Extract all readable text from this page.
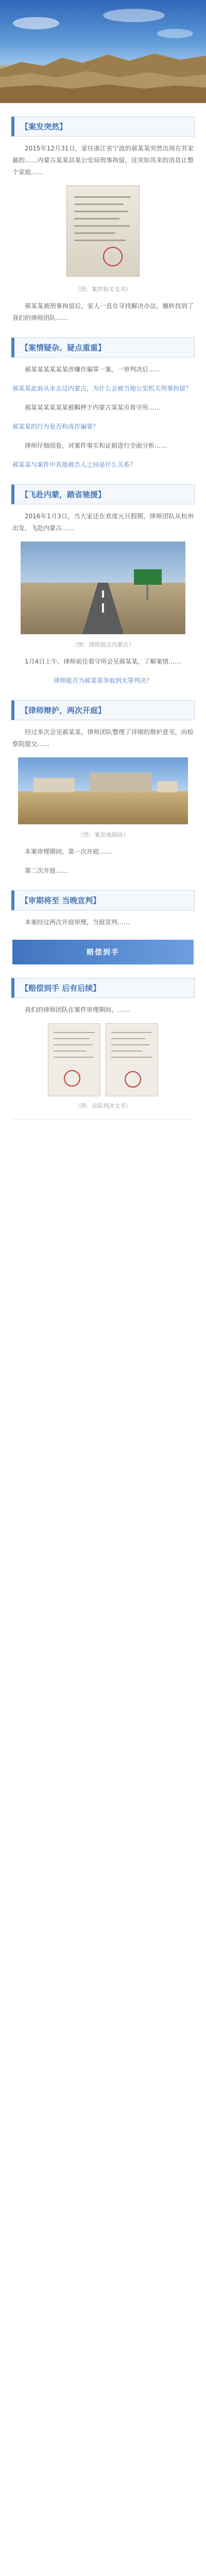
【案发突然】

2015年12月31日，家住浙江省宁波的郝某某突然出现在其家属的……内蒙古某某县某公安局刑事拘留，这突如其来的消息让整个家庭……

（图：案件相关文书）

郝某某被刑事拘留后，家人一直在寻找解决办法，辗转找到了我们的律师团队……

【案情疑杂、疑点重重】

郝某某某某某某涉嫌诈骗罪一案，一审判决后……

郝某某此前从未去过内蒙古，为什么会被当地公安机关刑事拘留？

郝某某某某某某被羁押于内蒙古某某市看守所……

郝某某的行为是否构成诈骗罪？

律师仔细阅卷，对案件事实和证据进行全面分析……

郝某某与案件中其他被告人之间是什么关系？

【飞赴内蒙，踏省驰援】

2016年1月3日，当大家还在欢度元旦假期，律师团队从杭州出发，飞赴内蒙古……

（图：律师抵达内蒙古）

1月4日上午，律师前往看守所会见郝某某，了解案情……

律师能否为郝某某争取到无罪判决？

【律师辩护，两次开庭】

经过多次会见郝某某，律师团队整理了详细的辩护意见，向检察院提交……

（图：案发地现场）

本案审理期间，第一次开庭……

第二次开庭……

【审期将至 当晚宣判】

本案经过两次开庭审理，当庭宣判……

赔偿到手
【赔偿到手 后有后续】

我们的律师团队在案件审理期间，……

（图：法院判决文书）
